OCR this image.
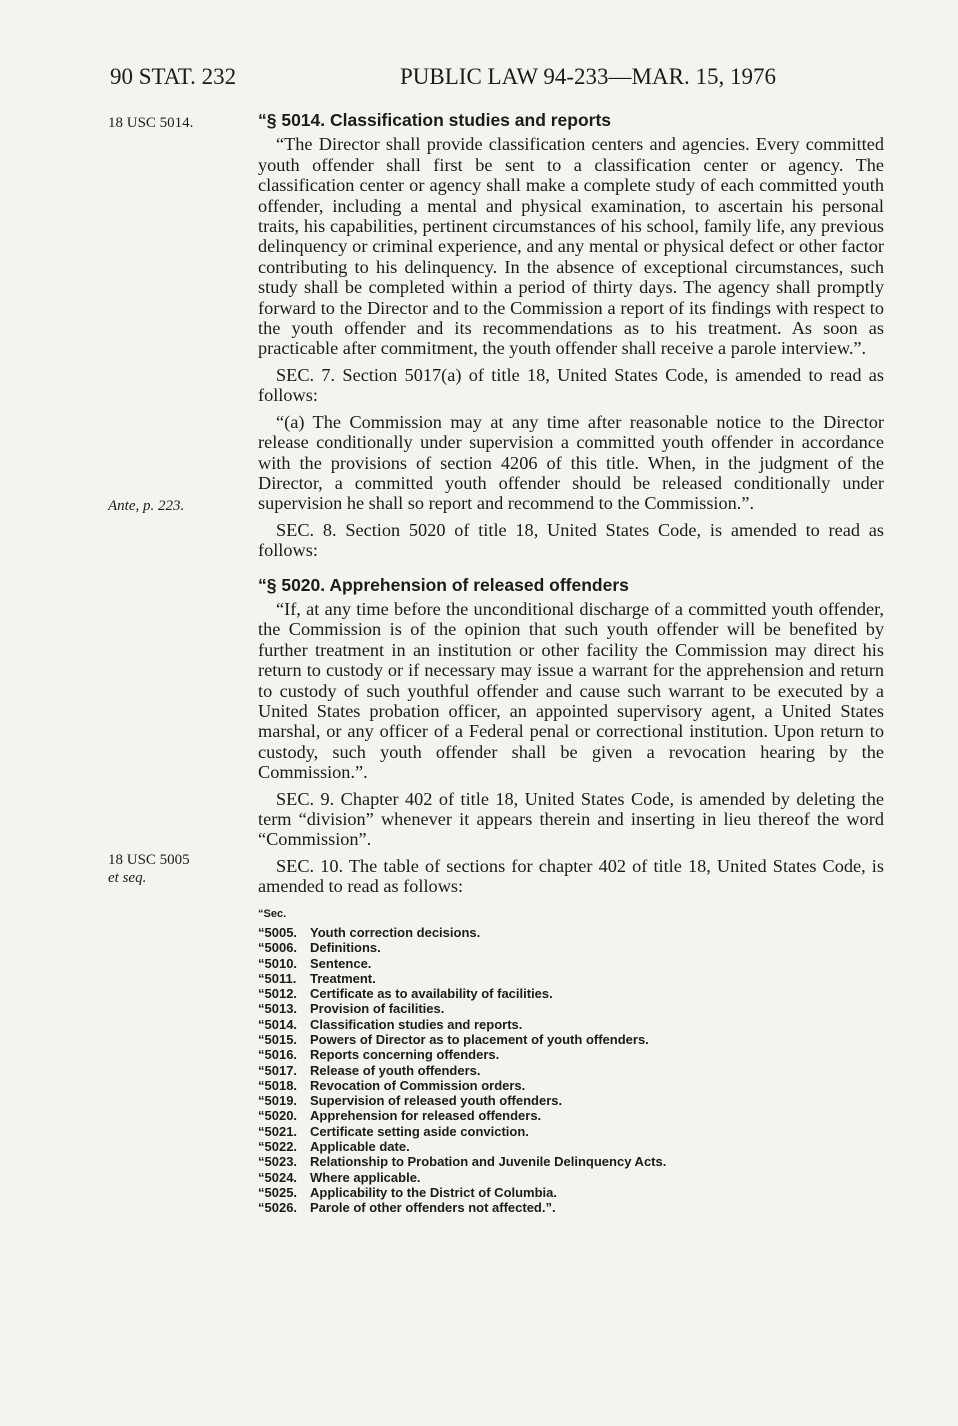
90 STAT. 232	PUBLIC LAW 94-233—MAR. 15, 1976
18 USC 5014.
Ante, p. 223.
18 USC 5005
et seq.
“§ 5014. Classification studies and reports

“The Director shall provide classification centers and agencies. Every committed youth offender shall first be sent to a classification center or agency. The classification center or agency shall make a complete study of each committed youth offender, including a mental and physical examination, to ascertain his personal traits, his capabilities, pertinent circumstances of his school, family life, any previous delinquency or criminal experience, and any mental or physical defect or other factor contributing to his delinquency. In the absence of exceptional circumstances, such study shall be completed within a period of thirty days. The agency shall promptly forward to the Director and to the Commission a report of its findings with respect to the youth offender and its recommendations as to his treatment. As soon as practicable after commitment, the youth offender shall receive a parole interview.”.

SEC. 7. Section 5017(a) of title 18, United States Code, is amended to read as follows:

“(a) The Commission may at any time after reasonable notice to the Director release conditionally under supervision a committed youth offender in accordance with the provisions of section 4206 of this title. When, in the judgment of the Director, a committed youth offender should be released conditionally under supervision he shall so report and recommend to the Commission.”.

SEC. 8. Section 5020 of title 18, United States Code, is amended to read as follows:

“§ 5020. Apprehension of released offenders

“If, at any time before the unconditional discharge of a committed youth offender, the Commission is of the opinion that such youth offender will be benefited by further treatment in an institution or other facility the Commission may direct his return to custody or if necessary may issue a warrant for the apprehension and return to custody of such youthful offender and cause such warrant to be executed by a United States probation officer, an appointed supervisory agent, a United States marshal, or any officer of a Federal penal or correctional institution. Upon return to custody, such youth offender shall be given a revocation hearing by the Commission.”.

SEC. 9. Chapter 402 of title 18, United States Code, is amended by deleting the term “division” whenever it appears therein and inserting in lieu thereof the word “Commission”.

SEC. 10. The table of sections for chapter 402 of title 18, United States Code, is amended to read as follows:

“Sec.
“5005. Youth correction decisions.
“5006. Definitions.
“5010. Sentence.
“5011. Treatment.
“5012. Certificate as to availability of facilities.
“5013. Provision of facilities.
“5014. Classification studies and reports.
“5015. Powers of Director as to placement of youth offenders.
“5016. Reports concerning offenders.
“5017. Release of youth offenders.
“5018. Revocation of Commission orders.
“5019. Supervision of released youth offenders.
“5020. Apprehension for released offenders.
“5021. Certificate setting aside conviction.
“5022. Applicable date.
“5023. Relationship to Probation and Juvenile Delinquency Acts.
“5024. Where applicable.
“5025. Applicability to the District of Columbia.
“5026. Parole of other offenders not affected.”.
